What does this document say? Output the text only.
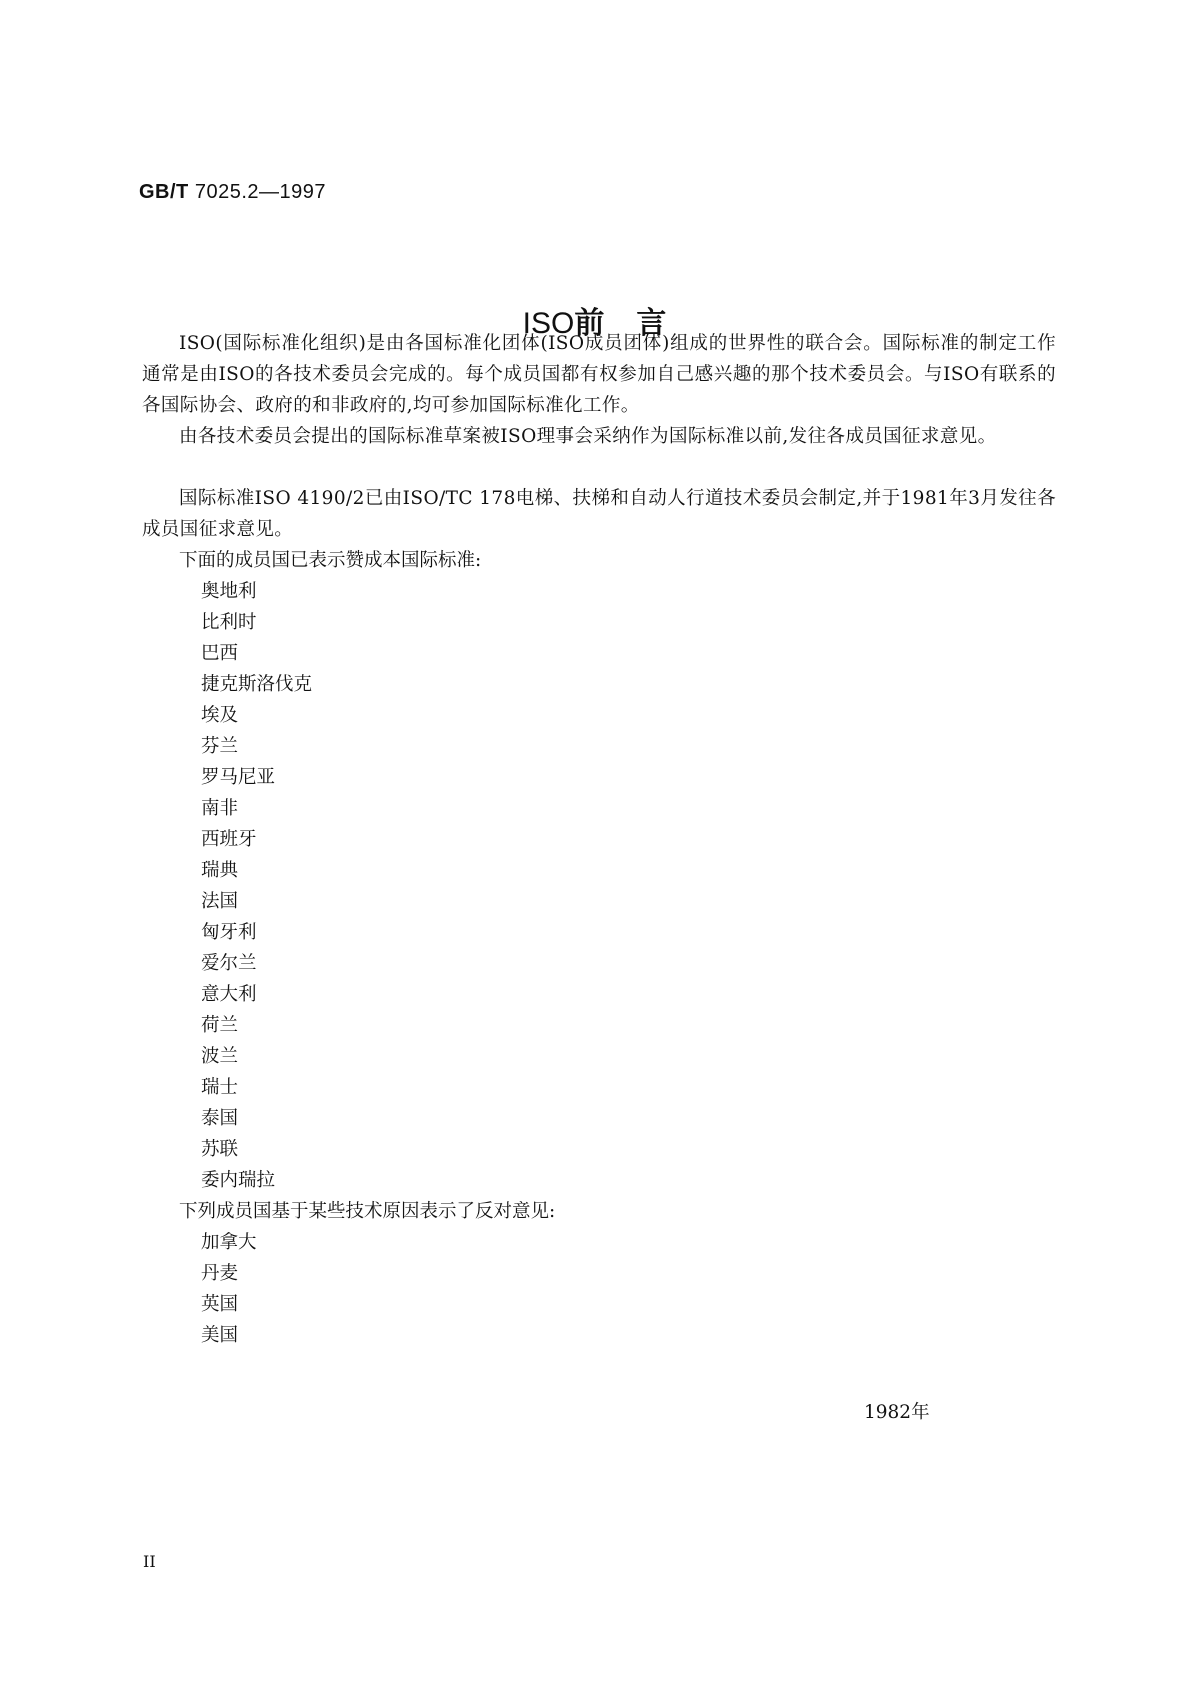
GB/T 7025.2—1997
ISO前 言

ISO(国际标准化组织)是由各国标准化团体(ISO成员团体)组成的世界性的联合会。国际标准的制定工作通常是由ISO的各技术委员会完成的。每个成员国都有权参加自己感兴趣的那个技术委员会。与ISO有联系的各国际协会、政府的和非政府的,均可参加国际标准化工作。

由各技术委员会提出的国际标准草案被ISO理事会采纳作为国际标准以前,发往各成员国征求意见。

国际标准ISO 4190/2已由ISO/TC 178电梯、扶梯和自动人行道技术委员会制定,并于1981年3月发往各成员国征求意见。

下面的成员国已表示赞成本国际标准:
奥地利
比利时
巴西
捷克斯洛伐克
埃及
芬兰
罗马尼亚
南非
西班牙
瑞典
法国
匈牙利
爱尔兰
意大利
荷兰
波兰
瑞士
泰国
苏联
委内瑞拉
下列成员国基于某些技术原因表示了反对意见:
加拿大
丹麦
英国
美国
1982年
II
